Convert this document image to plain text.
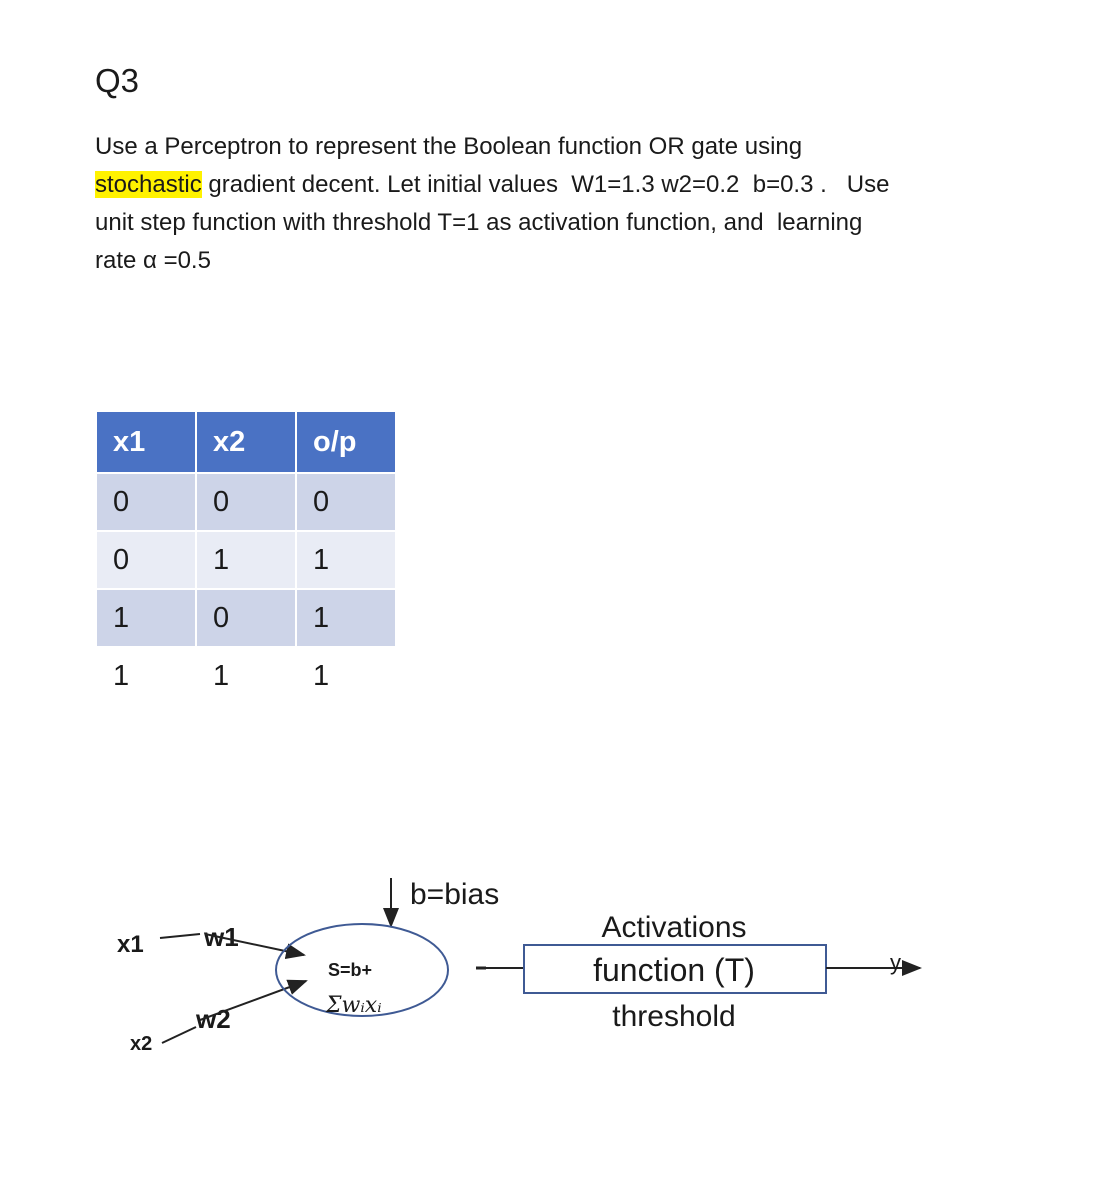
Q3

Use a Perceptron to represent the Boolean function OR gate using
stochastic gradient decent. Let initial values  W1=1.3 w2=0.2  b=0.3 .   Use
unit step function with threshold T=1 as activation function, and  learning
rate α =0.5

x1	x2	o/p
0	0	0
0	1	1
1	0	1
1	1	1
b=bias
x1 w1
x2
w2
S=b+
Σwᵢxᵢ
Activations
function (T)
threshold
y
